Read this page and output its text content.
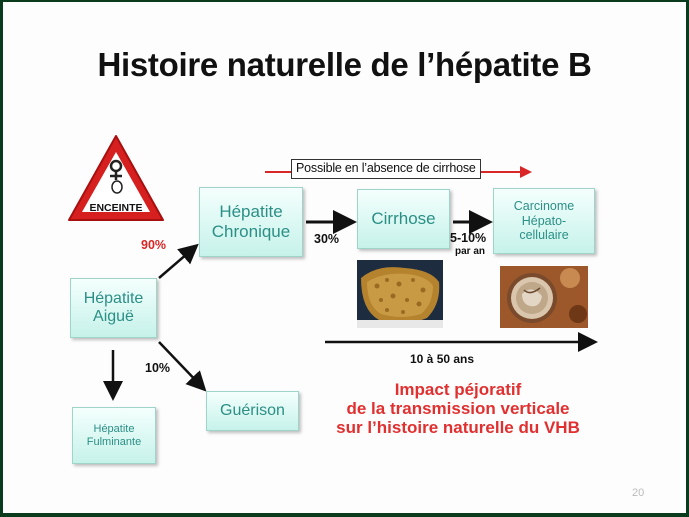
Histoire naturelle de l’hépatite B
ENCEINTE
Possible en l’absence de cirrhose
Hépatite
Chronique
Cirrhose
Carcinome
Hépato-
cellulaire
Hépatite
Aiguë
Hépatite
Fulminante
Guérison
90%
10%
30%	5-10%
par an
10 à 50 ans
Impact péjoratif
de la transmission verticale
sur l’histoire naturelle du VHB
20
